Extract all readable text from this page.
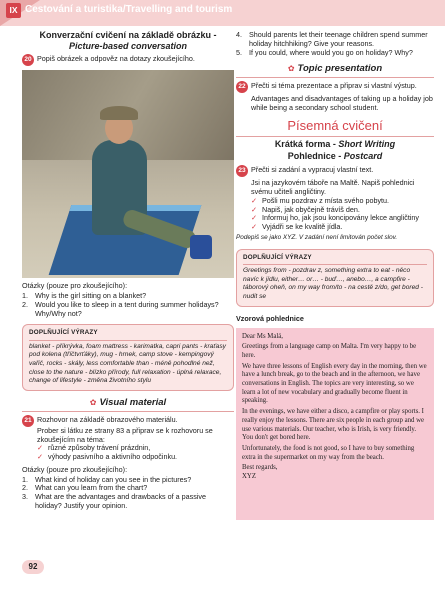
IX Cestování a turistika/Travelling and tourism
Konverzační cvičení na základě obrázku -
Picture-based conversation
20 Popiš obrázek a odpověz na dotazy zkoušejícího.
Otázky (pouze pro zkoušejícího):
1. Why is the girl sitting on a blanket?
2. Would you like to sleep in a tent during summer holidays? Why/Why not?
DOPLŇUJÍCÍ VÝRAZY
blanket - přikrývka, foam mattress - karimatka, capri pants - kraťasy pod kolena (tříčtvrťáky), mug - hrnek, camp stove - kempingový vařič, rocks - skály, less comfortable than - méně pohodlné než, close to the nature - blízko přírody, full relaxation - úplná relaxace, change of lifestyle - změna životního stylu
✿ Visual material
21 Rozhovor na základě obrazového materiálu.
Prober si látku ze strany 83 a připrav se k rozhovoru se zkoušejícím na téma:
✓ různé způsoby trávení prázdnin,
✓ výhody pasivního a aktivního odpočinku.
Otázky (pouze pro zkoušejícího):
1. What kind of holiday can you see in the pictures?
2. What can you learn from the chart?
3. What are the advantages and drawbacks of a passive holiday? Justify your opinion.
92
4. Should parents let their teenage children spend summer holiday hitchhiking? Give your reasons.
5. If you could, where would you go on holiday? Why?
✿ Topic presentation
22 Přečti si téma prezentace a připrav si vlastní výstup.
Advantages and disadvantages of taking up a holiday job while being a secondary school student.
Písemná cvičení
Krátká forma - Short Writing
Pohlednice - Postcard
23 Přečti si zadání a vypracuj vlastní text.
Jsi na jazykovém táboře na Maltě. Napiš pohlednici svému učiteli angličtiny.
✓ Pošli mu pozdrav z místa svého pobytu.
✓ Napiš, jak obyčejně trávíš den.
✓ Informuj ho, jak jsou koncipovány lekce angličtiny
✓ Vyjádři se ke kvalitě jídla.
Podepiš se jako XYZ. V zadání není limitován počet slov.
DOPLŇUJÍCÍ VÝRAZY
Greetings from - pozdrav z, something extra to eat - něco navíc k jídlu, either… or… - buď…, anebo…, a campfire - táborový oheň, on my way from/to - na cestě z/do, get bored - nudit se
Vzorová pohlednice

Dear Ms Malá,

Greetings from a language camp on Malta. I'm very happy to be here.

We have three lessons of English every day in the morning, then we have a lunch break, go to the beach and in the afternoon, we have conversations in English. The topics are very interesting, so we learn a lot of new vocabulary and gradually become fluent in speaking.

In the evenings, we have either a disco, a campfire or play sports. I really enjoy the lessons. There are six people in each group and we use various materials. Our teacher, who is Irish, is very friendly. You don't get bored here.

Unfortunately, the food is not good, so I have to buy something extra in the supermarket on my way from the beach.

Best regards,

XYZ
